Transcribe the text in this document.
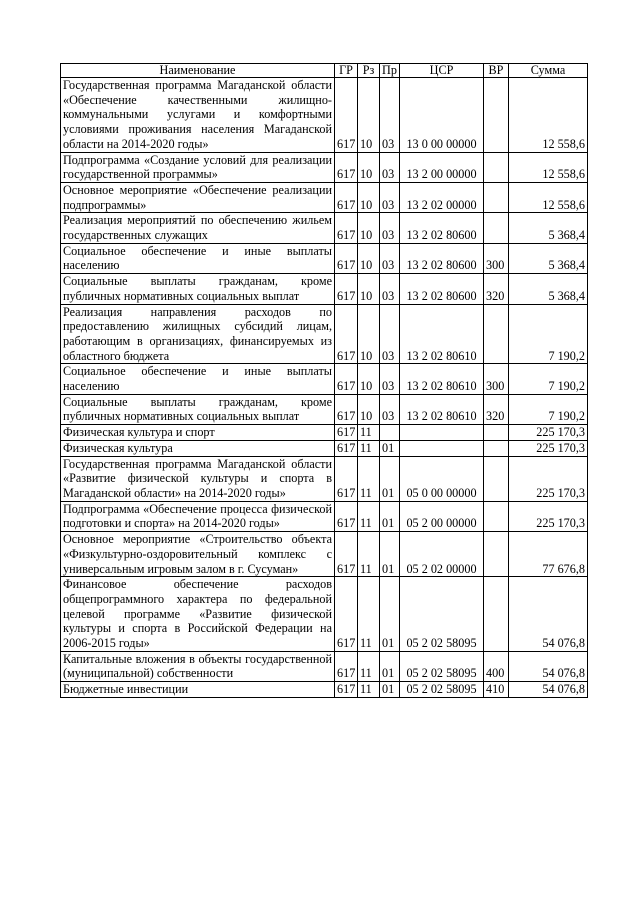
Наименование	ГР	Рз	Пр	ЦСР	ВР	Сумма
Государственная программа Магаданской области «Обеспечение качественными жилищно-коммунальными услугами и комфортными условиями проживания населения Магаданской области на 2014-2020 годы»	617	10	03	13 0 00 00000		12 558,6
Подпрограмма «Создание условий для реализации государственной программы»	617	10	03	13 2 00 00000		12 558,6
Основное мероприятие «Обеспечение реализации подпрограммы»	617	10	03	13 2 02 00000		12 558,6
Реализация мероприятий по обеспечению жильем государственных служащих	617	10	03	13 2 02 80600		5 368,4
Социальное обеспечение и иные выплаты населению	617	10	03	13 2 02 80600	300	5 368,4
Социальные выплаты гражданам, кроме публичных нормативных социальных выплат	617	10	03	13 2 02 80600	320	5 368,4
Реализация направления расходов по предоставлению жилищных субсидий лицам, работающим в организациях, финансируемых из областного бюджета	617	10	03	13 2 02 80610		7 190,2
Социальное обеспечение и иные выплаты населению	617	10	03	13 2 02 80610	300	7 190,2
Социальные выплаты гражданам, кроме публичных нормативных социальных выплат	617	10	03	13 2 02 80610	320	7 190,2
Физическая культура и спорт	617	11				225 170,3
Физическая культура	617	11	01			225 170,3
Государственная программа Магаданской области «Развитие физической культуры и спорта в Магаданской области» на 2014-2020 годы»	617	11	01	05 0 00 00000		225 170,3
Подпрограмма «Обеспечение процесса физической подготовки и спорта» на 2014-2020 годы»	617	11	01	05 2 00 00000		225 170,3
Основное мероприятие «Строительство объекта «Физкультурно-оздоровительный комплекс с универсальным игровым залом в г. Сусуман»	617	11	01	05 2 02 00000		77 676,8
Финансовое обеспечение расходов общепрограммного характера по федеральной целевой программе «Развитие физической культуры и спорта в Российской Федерации на 2006-2015 годы»	617	11	01	05 2 02 58095		54 076,8
Капитальные вложения в объекты государственной (муниципальной) собственности	617	11	01	05 2 02 58095	400	54 076,8
Бюджетные инвестиции	617	11	01	05 2 02 58095	410	54 076,8
